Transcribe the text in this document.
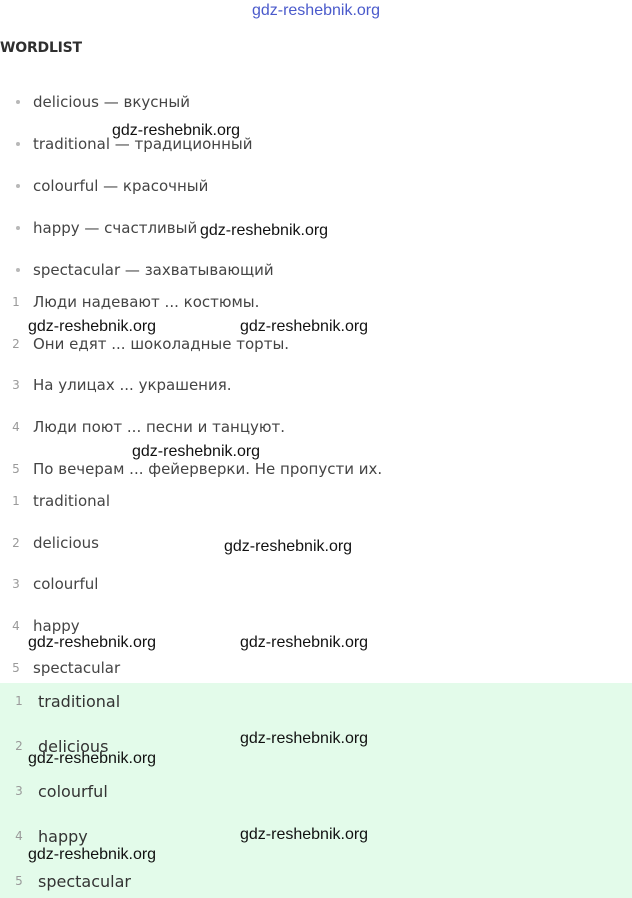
gdz-reshebnik.org
WORDLIST
delicious — вкусный
traditional — традиционный
colourful — красочный
happy — счастливый
spectacular — захватывающий
1 Люди надевают ... костюмы.
2 Они едят ... шоколадные торты.
3 На улицах ... украшения.
4 Люди поют ... песни и танцуют.
5 По вечерам ... фейерверки. Не пропусти их.
1 traditional
2 delicious
3 colourful
4 happy
5 spectacular
1 traditional
2 delicious
3 colourful
4 happy
5 spectacular
gdz-reshebnik.org
gdz-reshebnik.org
gdz-reshebnik.org	gdz-reshebnik.org
gdz-reshebnik.org
gdz-reshebnik.org
gdz-reshebnik.org	gdz-reshebnik.org
gdz-reshebnik.org
gdz-reshebnik.org
gdz-reshebnik.org
gdz-reshebnik.org
